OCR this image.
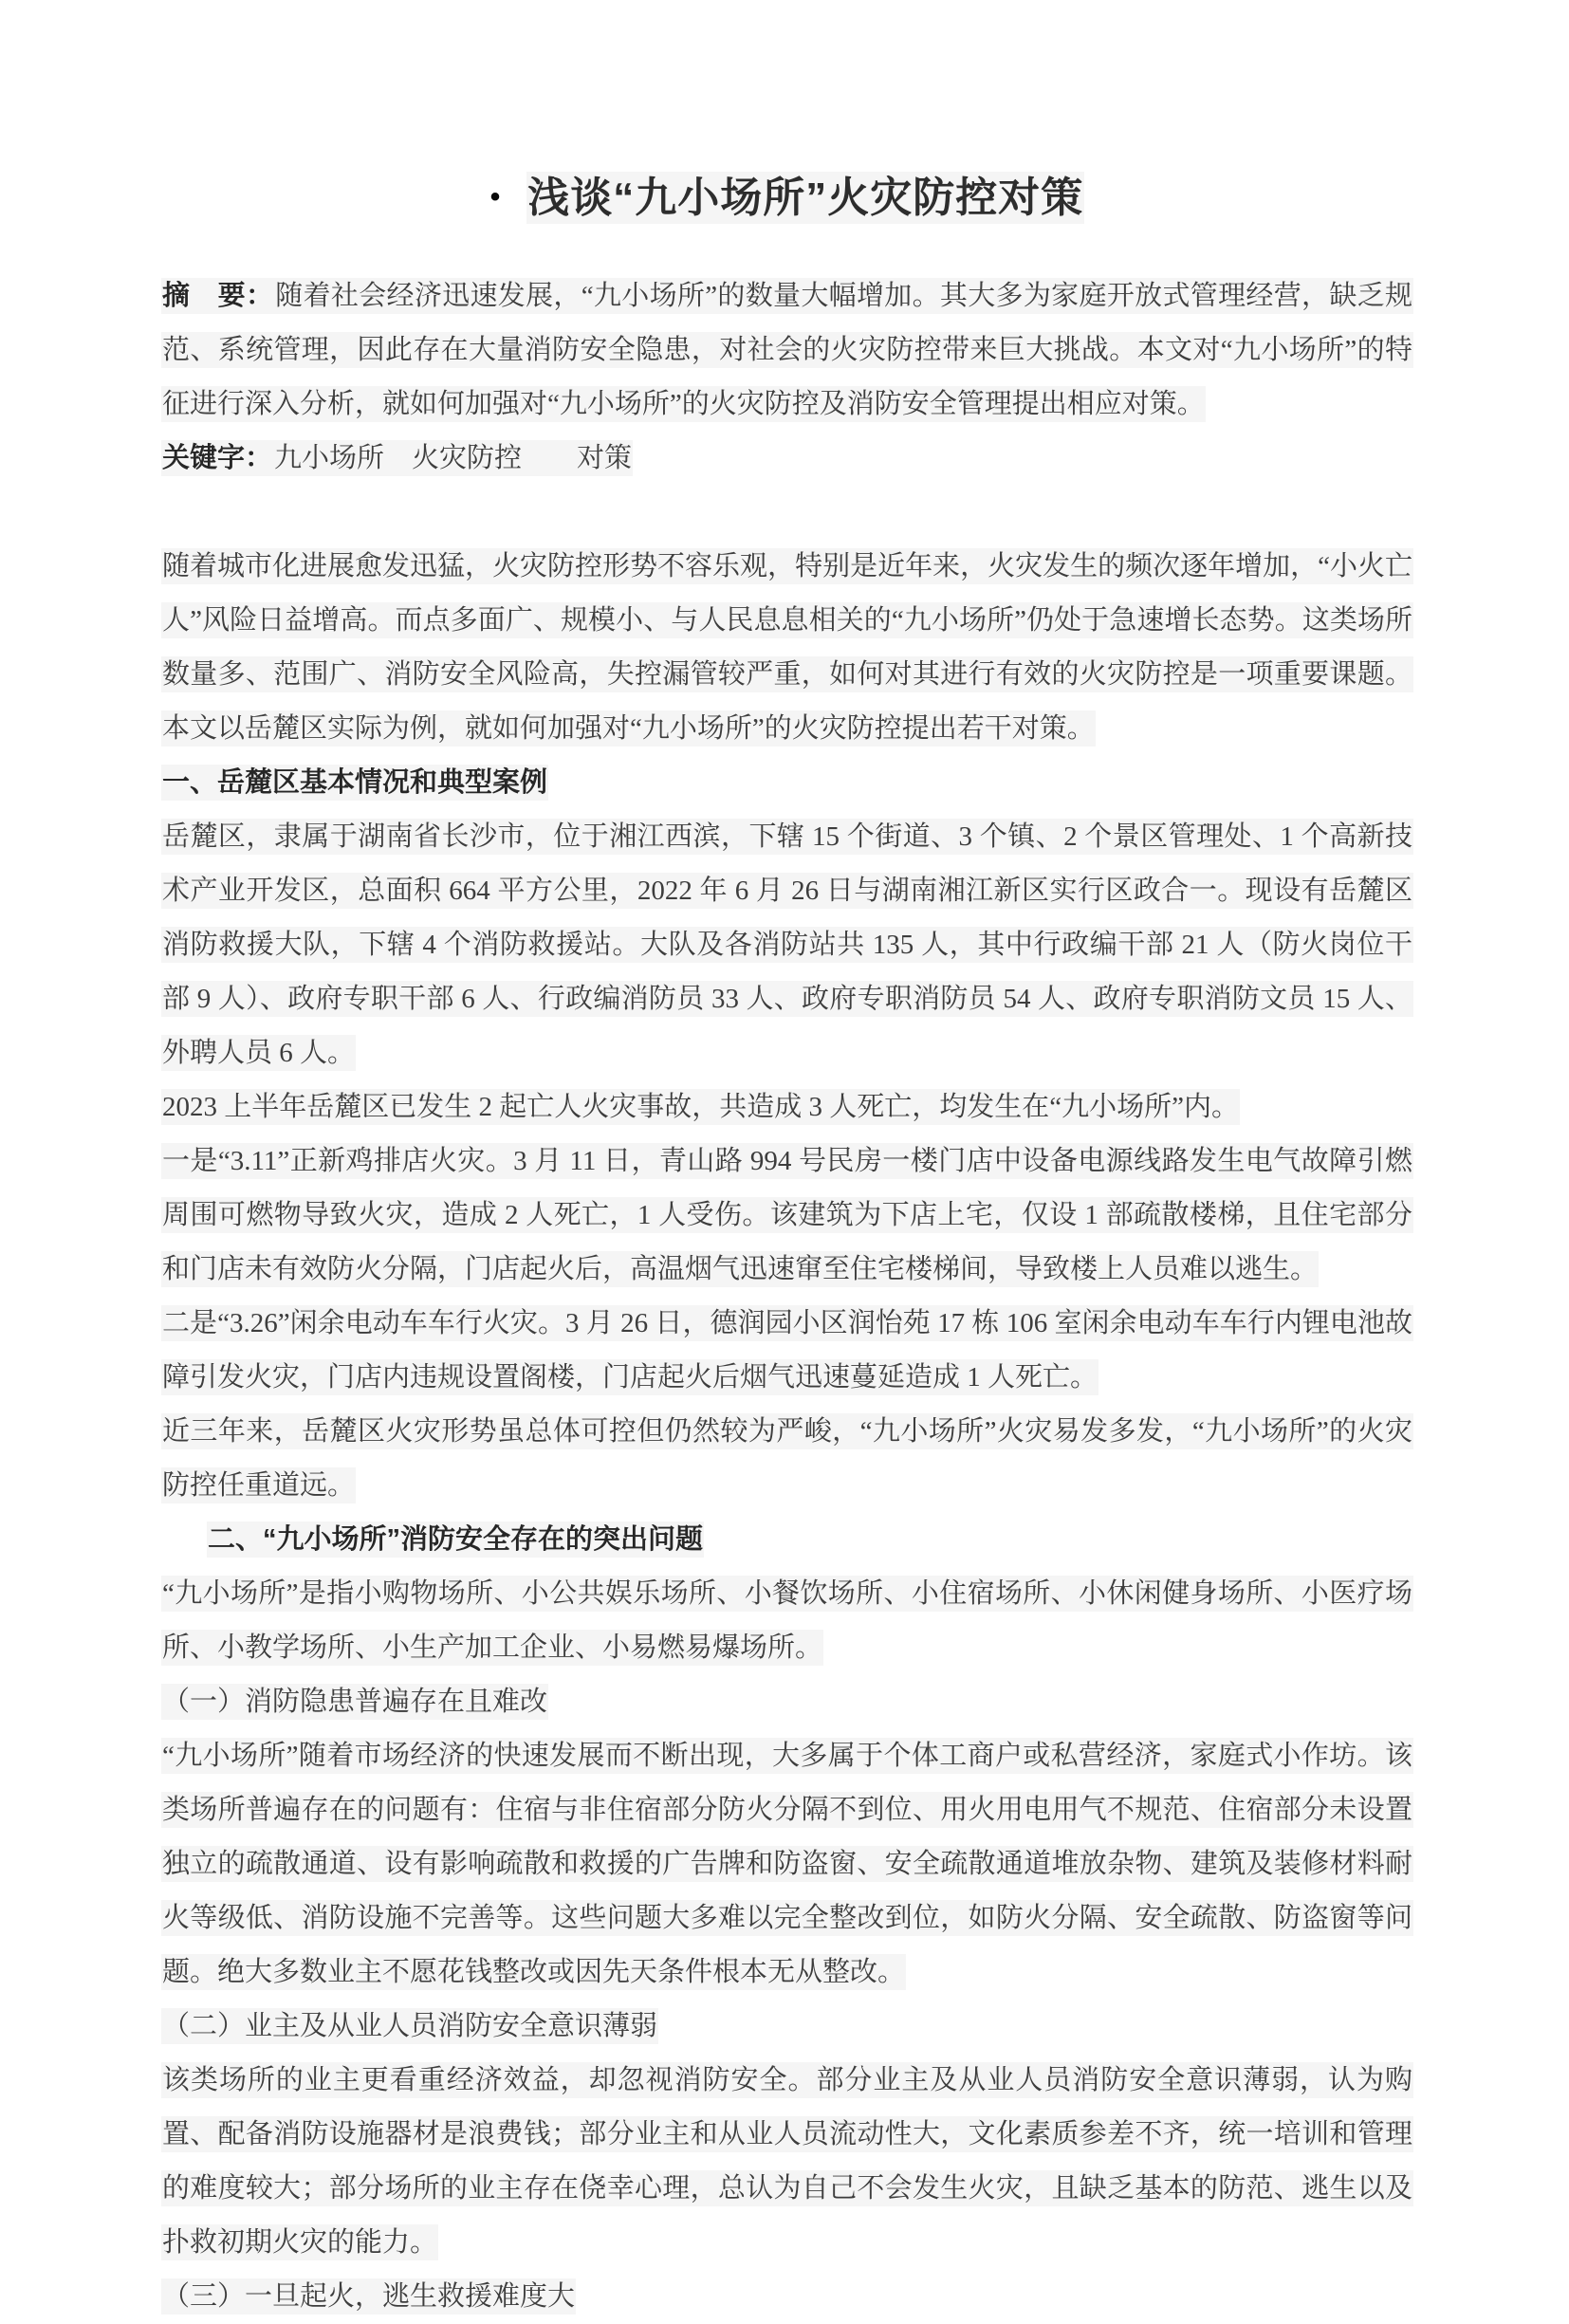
• 浅谈“九小场所”火灾防控对策

摘　要：随着社会经济迅速发展，“九小场所”的数量大幅增加。其大多为家庭开放式管理经营，缺乏规范、系统管理，因此存在大量消防安全隐患，对社会的火灾防控带来巨大挑战。本文对“九小场所”的特征进行深入分析，就如何加强对“九小场所”的火灾防控及消防安全管理提出相应对策。

关键字：九小场所　火灾防控　　对策

随着城市化进展愈发迅猛，火灾防控形势不容乐观，特别是近年来，火灾发生的频次逐年增加，“小火亡人”风险日益增高。而点多面广、规模小、与人民息息相关的“九小场所”仍处于急速增长态势。这类场所数量多、范围广、消防安全风险高，失控漏管较严重，如何对其进行有效的火灾防控是一项重要课题。本文以岳麓区实际为例，就如何加强对“九小场所”的火灾防控提出若干对策。

一、岳麓区基本情况和典型案例

岳麓区，隶属于湖南省长沙市，位于湘江西滨，下辖 15 个街道、3 个镇、2 个景区管理处、1 个高新技术产业开发区，总面积 664 平方公里，2022 年 6 月 26 日与湖南湘江新区实行区政合一。现设有岳麓区消防救援大队，下辖 4 个消防救援站。大队及各消防站共 135 人，其中行政编干部 21 人（防火岗位干部 9 人）、政府专职干部 6 人、行政编消防员 33 人、政府专职消防员 54 人、政府专职消防文员 15 人、外聘人员 6 人。

2023 上半年岳麓区已发生 2 起亡人火灾事故，共造成 3 人死亡，均发生在“九小场所”内。

一是“3.11”正新鸡排店火灾。3 月 11 日，青山路 994 号民房一楼门店中设备电源线路发生电气故障引燃周围可燃物导致火灾，造成 2 人死亡，1 人受伤。该建筑为下店上宅，仅设 1 部疏散楼梯，且住宅部分和门店未有效防火分隔，门店起火后，高温烟气迅速窜至住宅楼梯间，导致楼上人员难以逃生。

二是“3.26”闲余电动车车行火灾。3 月 26 日，德润园小区润怡苑 17 栋 106 室闲余电动车车行内锂电池故障引发火灾，门店内违规设置阁楼，门店起火后烟气迅速蔓延造成 1 人死亡。

近三年来，岳麓区火灾形势虽总体可控但仍然较为严峻，“九小场所”火灾易发多发，“九小场所”的火灾防控任重道远。

二、“九小场所”消防安全存在的突出问题

“九小场所”是指小购物场所、小公共娱乐场所、小餐饮场所、小住宿场所、小休闲健身场所、小医疗场所、小教学场所、小生产加工企业、小易燃易爆场所。

（一）消防隐患普遍存在且难改

“九小场所”随着市场经济的快速发展而不断出现，大多属于个体工商户或私营经济，家庭式小作坊。该类场所普遍存在的问题有：住宿与非住宿部分防火分隔不到位、用火用电用气不规范、住宿部分未设置独立的疏散通道、设有影响疏散和救援的广告牌和防盗窗、安全疏散通道堆放杂物、建筑及装修材料耐火等级低、消防设施不完善等。这些问题大多难以完全整改到位，如防火分隔、安全疏散、防盗窗等问题。绝大多数业主不愿花钱整改或因先天条件根本无从整改。

（二）业主及从业人员消防安全意识薄弱

该类场所的业主更看重经济效益，却忽视消防安全。部分业主及从业人员消防安全意识薄弱，认为购置、配备消防设施器材是浪费钱；部分业主和从业人员流动性大，文化素质参差不齐，统一培训和管理的难度较大；部分场所的业主存在侥幸心理，总认为自己不会发生火灾，且缺乏基本的防范、逃生以及扑救初期火灾的能力。

（三）一旦起火，逃生救援难度大
